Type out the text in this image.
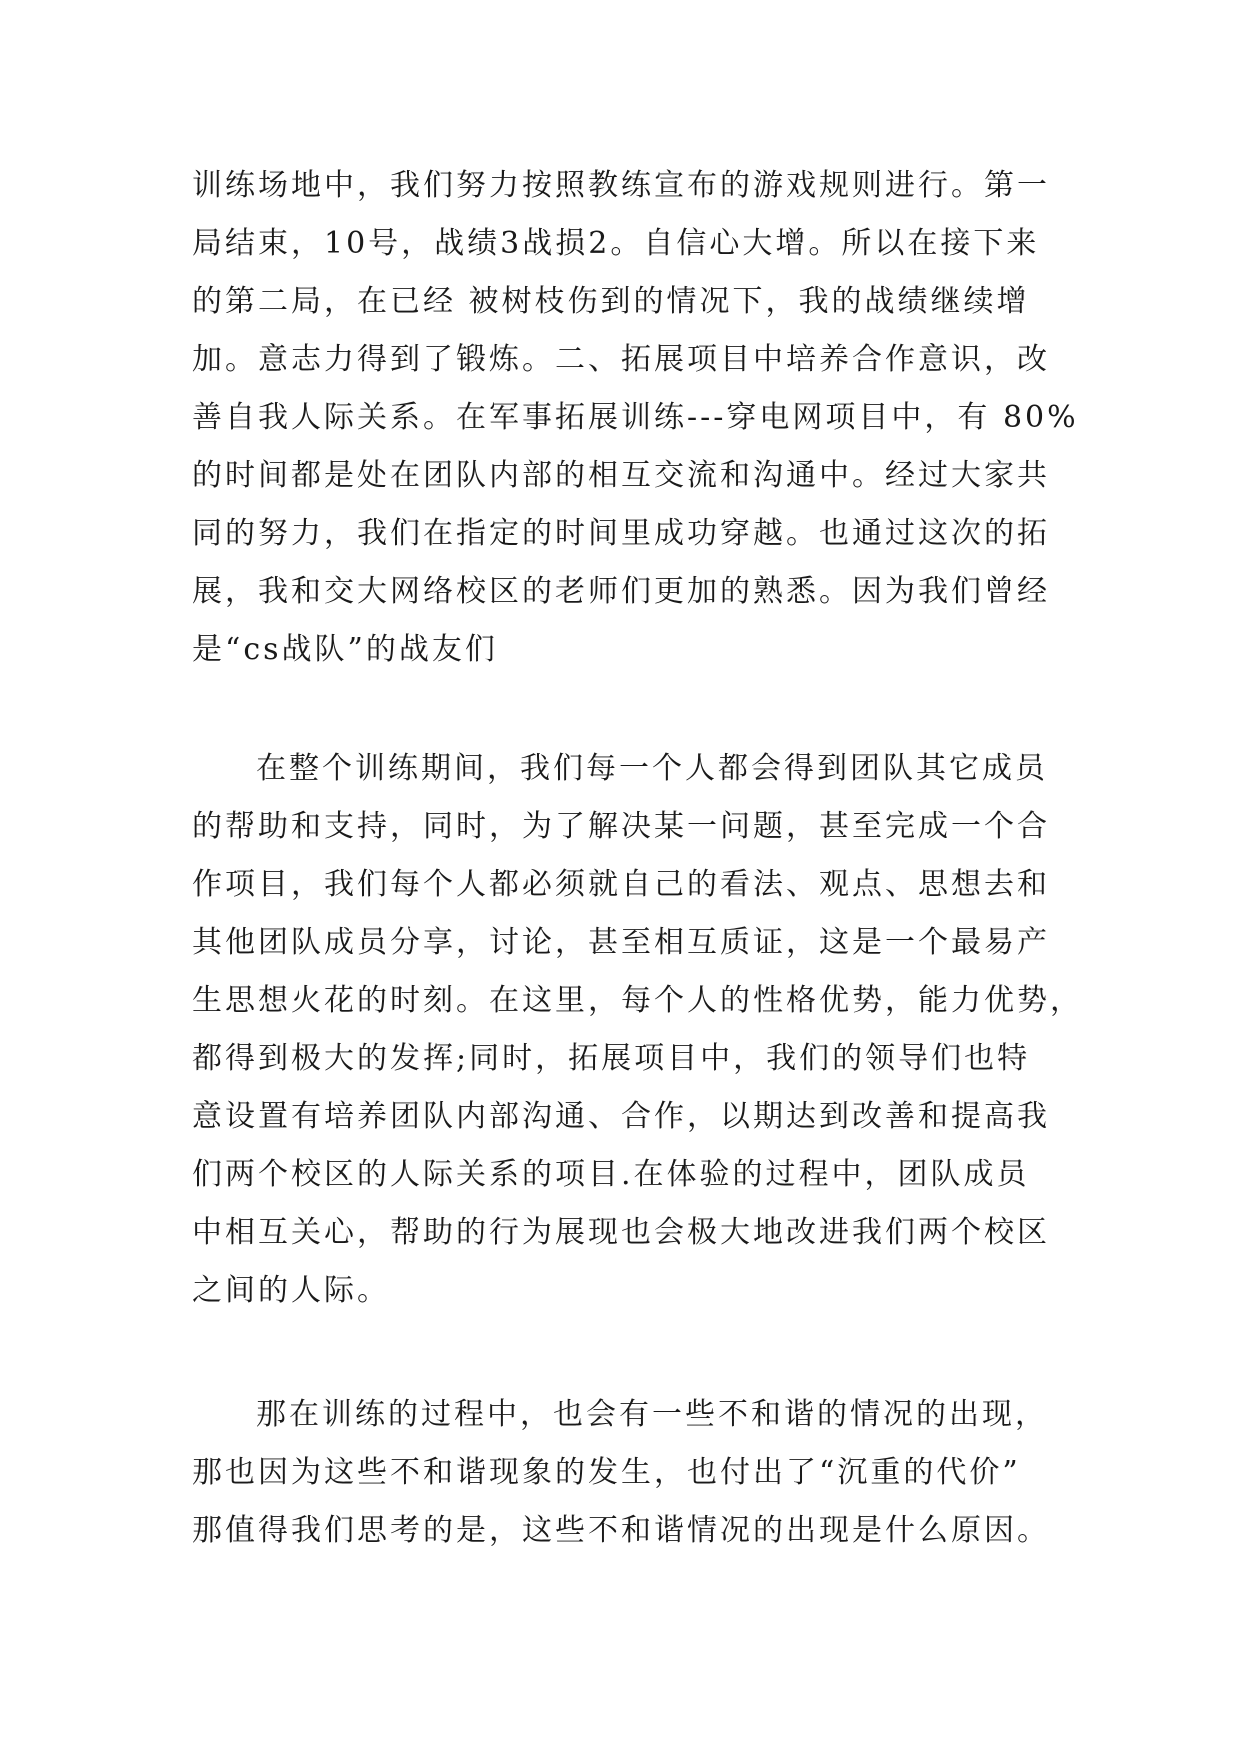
训练场地中，我们努力按照教练宣布的游戏规则进行。第一
局结束，10号，战绩3战损2。自信心大增。所以在接下来
的第二局，在已经 被树枝伤到的情况下，我的战绩继续增
加。意志力得到了锻炼。二、拓展项目中培养合作意识，改
善自我人际关系。在军事拓展训练---穿电网项目中，有 80%
的时间都是处在团队内部的相互交流和沟通中。经过大家共
同的努力，我们在指定的时间里成功穿越。也通过这次的拓
展，我和交大网络校区的老师们更加的熟悉。因为我们曾经
是“cs战队”的战友们
在整个训练期间，我们每一个人都会得到团队其它成员
的帮助和支持，同时，为了解决某一问题，甚至完成一个合
作项目，我们每个人都必须就自己的看法、观点、思想去和
其他团队成员分享，讨论，甚至相互质证，这是一个最易产
生思想火花的时刻。在这里，每个人的性格优势，能力优势，
都得到极大的发挥;同时，拓展项目中，我们的领导们也特
意设置有培养团队内部沟通、合作，以期达到改善和提高我
们两个校区的人际关系的项目.在体验的过程中，团队成员
中相互关心，帮助的行为展现也会极大地改进我们两个校区
之间的人际。
那在训练的过程中，也会有一些不和谐的情况的出现，
那也因为这些不和谐现象的发生，也付出了“沉重的代价”
那值得我们思考的是，这些不和谐情况的出现是什么原因。
